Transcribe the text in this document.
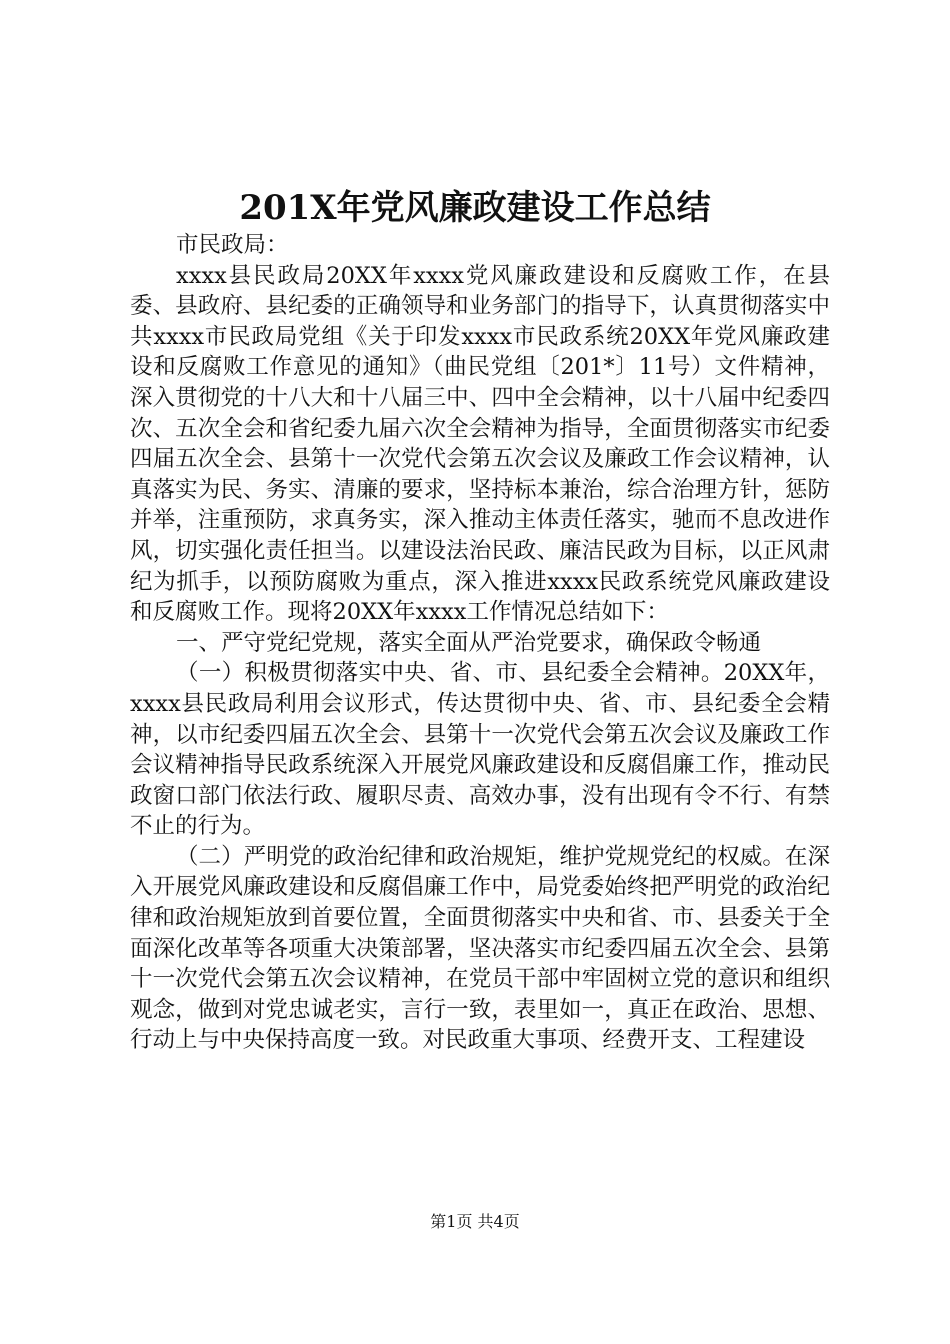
201X年党风廉政建设工作总结

市民政局：

xxxx县民政局20XX年xxxx党风廉政建设和反腐败工作，在县委、县政府、县纪委的正确领导和业务部门的指导下，认真贯彻落实中共xxxx市民政局党组《关于印发xxxx市民政系统20XX年党风廉政建设和反腐败工作意见的通知》（曲民党组〔201*〕11号）文件精神，深入贯彻党的十八大和十八届三中、四中全会精神，以十八届中纪委四次、五次全会和省纪委九届六次全会精神为指导，全面贯彻落实市纪委四届五次全会、县第十一次党代会第五次会议及廉政工作会议精神，认真落实为民、务实、清廉的要求，坚持标本兼治，综合治理方针，惩防并举，注重预防，求真务实，深入推动主体责任落实，驰而不息改进作风，切实强化责任担当。以建设法治民政、廉洁民政为目标，以正风肃纪为抓手，以预防腐败为重点，深入推进xxxx民政系统党风廉政建设和反腐败工作。现将20XX年xxxx工作情况总结如下：

一、严守党纪党规，落实全面从严治党要求，确保政令畅通

（一）积极贯彻落实中央、省、市、县纪委全会精神。20XX年，xxxx县民政局利用会议形式，传达贯彻中央、省、市、县纪委全会精神，以市纪委四届五次全会、县第十一次党代会第五次会议及廉政工作会议精神指导民政系统深入开展党风廉政建设和反腐倡廉工作，推动民政窗口部门依法行政、履职尽责、高效办事，没有出现有令不行、有禁不止的行为。

（二）严明党的政治纪律和政治规矩，维护党规党纪的权威。在深入开展党风廉政建设和反腐倡廉工作中，局党委始终把严明党的政治纪律和政治规矩放到首要位置，全面贯彻落实中央和省、市、县委关于全面深化改革等各项重大决策部署，坚决落实市纪委四届五次全会、县第十一次党代会第五次会议精神，在党员干部中牢固树立党的意识和组织观念，做到对党忠诚老实，言行一致，表里如一，真正在政治、思想、行动上与中央保持高度一致。对民政重大事项、经费开支、工程建设

第1页 共4页
